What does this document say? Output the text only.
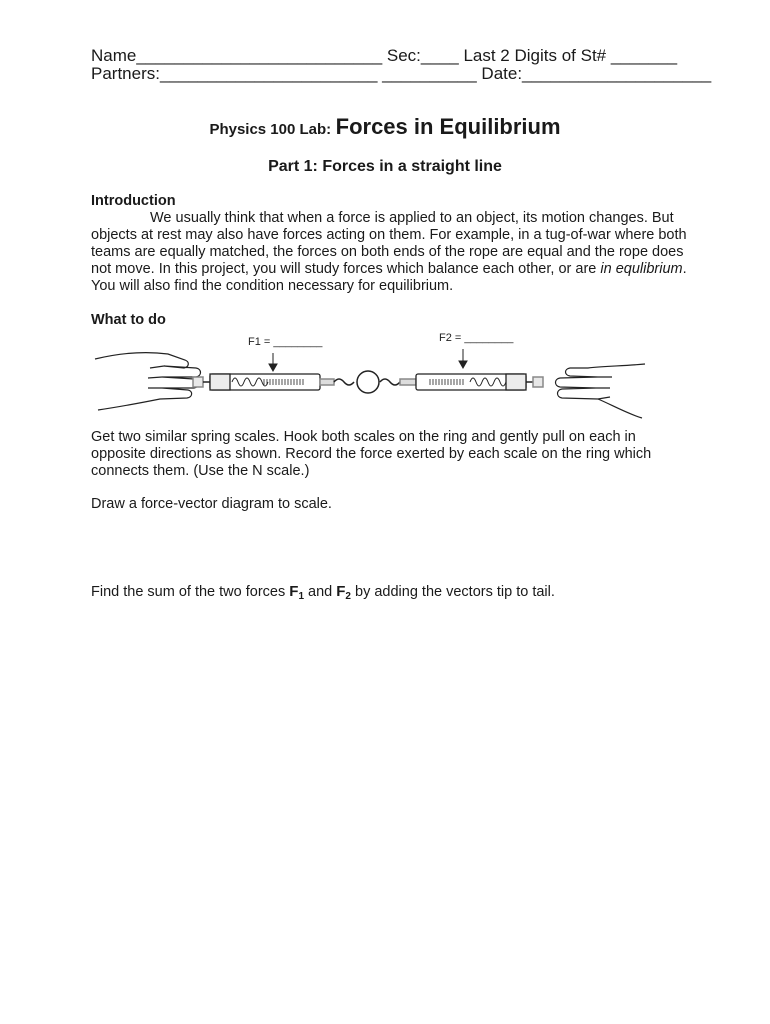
Name__________________________ Sec:____ Last 2 Digits of St# _______
Partners:_______________________ __________ Date:____________________
Physics 100 Lab: Forces in Equilibrium
Part 1: Forces in a straight line
Introduction

We usually think that when a force is applied to an object, its motion changes. But objects at rest may also have forces acting on them. For example, in a tug-of-war where both teams are equally matched, the forces on both ends of the rope are equal and the rope does not move. In this project, you will study forces which balance each other, or are in equlibrium. You will also find the condition necessary for equilibrium.

What to do
F1 = ________	F2 = ________
Get two similar spring scales. Hook both scales on the ring and gently pull on each in opposite directions as shown. Record the force exerted by each scale on the ring which connects them. (Use the N scale.)
Draw a force-vector diagram to scale.
Find the sum of the two forces $F_1$ and $F_2$ by adding the vectors tip to tail.
